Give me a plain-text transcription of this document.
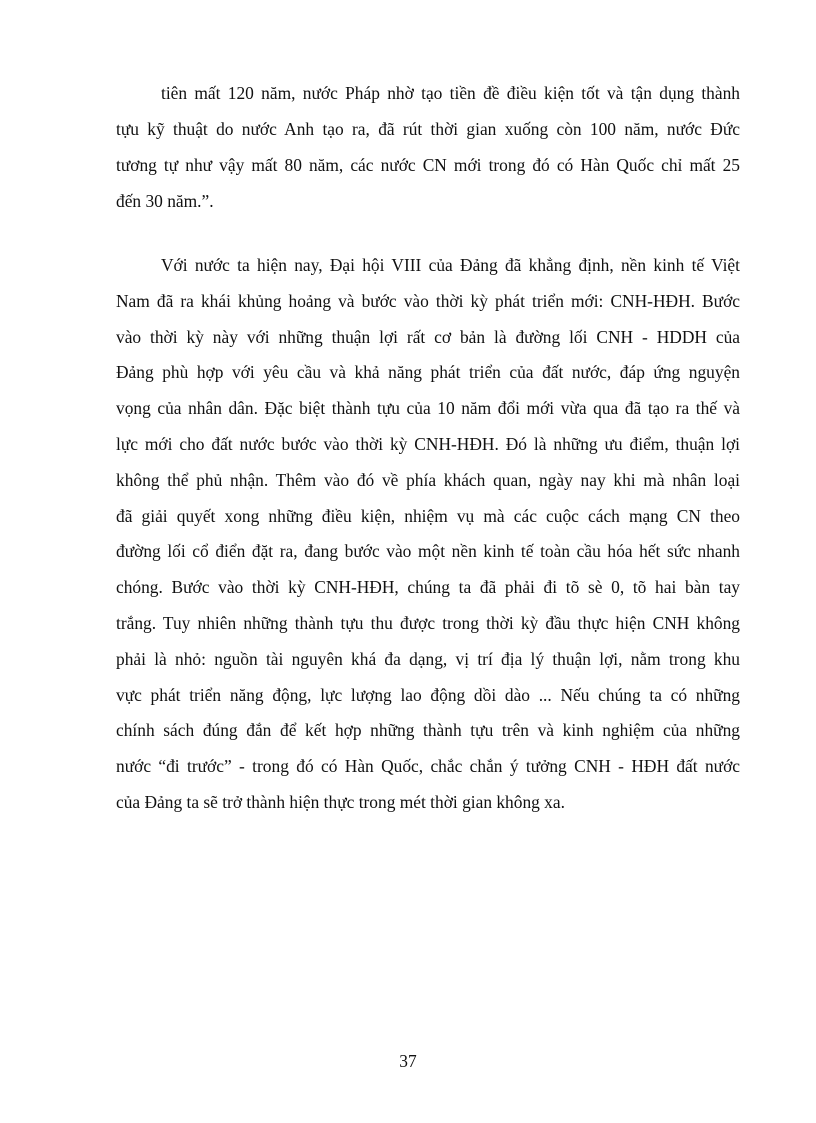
tiên mất 120 năm, nước Pháp nhờ tạo tiền đề điều kiện tốt và tận dụng thành
tựu kỹ thuật do nước Anh tạo ra, đã rút thời gian xuống còn 100 năm, nước Đức
tương tự như vậy mất 80 năm, các nước CN mới trong đó có Hàn Quốc chỉ mất 25
đến 30 năm.”.
Với nước ta hiện nay, Đại hội VIII của Đảng đã khẳng định, nền kinh tế Việt
Nam đã ra khái khủng hoảng và bước vào thời kỳ phát triển mới: CNH-HĐH. Bước
vào thời kỳ này với những thuận lợi rất cơ bản là đường lối CNH - HDDH của
Đảng phù hợp với yêu cầu và khả năng phát triển của đất nước, đáp ứng nguyện
vọng của nhân dân. Đặc biệt thành tựu của 10 năm đổi mới vừa qua đã tạo ra thế và
lực mới cho đất nước bước vào thời kỳ CNH-HĐH. Đó là những ưu điểm, thuận lợi
không thể phủ nhận. Thêm vào đó về phía khách quan, ngày nay khi mà nhân loại
đã giải quyết xong những điều kiện, nhiệm vụ mà các cuộc cách mạng CN theo
đường lối cổ điển đặt ra, đang bước vào một nền kinh tế toàn cầu hóa hết sức nhanh
chóng. Bước vào thời kỳ CNH-HĐH, chúng ta đã phải đi tõ sè 0, tõ hai bàn tay
trắng. Tuy nhiên những thành tựu thu được trong thời kỳ đầu thực hiện CNH không
phải là nhỏ: nguồn tài nguyên khá đa dạng, vị trí địa lý thuận lợi, nằm trong khu
vực phát triển năng động, lực lượng lao động dồi dào ... Nếu chúng ta có những
chính sách đúng đắn để kết hợp những thành tựu trên và kinh nghiệm của những
nước “đi trước” - trong đó có Hàn Quốc, chắc chắn ý tưởng CNH - HĐH đất nước
của Đảng ta sẽ trở thành hiện thực trong mét thời gian không xa.
37
